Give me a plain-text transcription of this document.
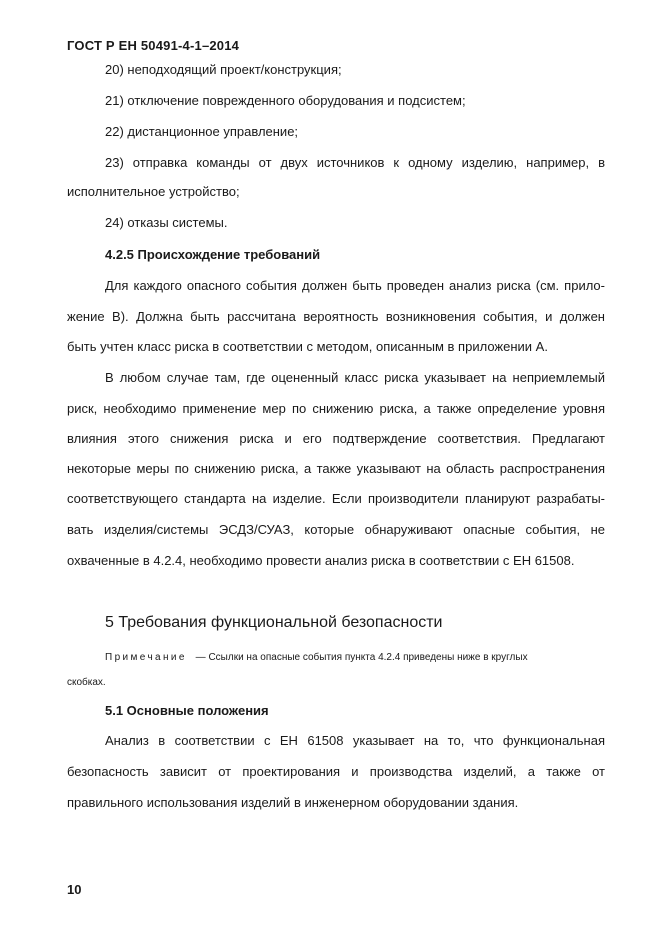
ГОСТ Р ЕН 50491-4-1–2014
20) неподходящий проект/конструкция;
21) отключение поврежденного оборудования и подсистем;
22) дистанционное управление;
23) отправка команды от двух источников к одному изделию, например, в
исполнительное устройство;
24) отказы системы.
4.2.5 Происхождение требований
Для каждого опасного события должен быть проведен анализ риска (см. прило-
жение В). Должна быть рассчитана вероятность возникновения события, и должен
быть учтен класс риска в соответствии с методом, описанным в приложении А.
В любом случае там, где оцененный класс риска указывает на неприемлемый
риск, необходимо применение мер по снижению риска, а также определение уровня
влияния этого снижения риска и его подтверждение соответствия. Предлагают
некоторые меры по снижению риска, а также указывают на область распространения
соответствующего стандарта на изделие. Если производители планируют разрабаты-
вать изделия/системы ЭСДЗ/СУАЗ, которые обнаруживают опасные события, не
охваченные в 4.2.4, необходимо провести анализ риска в соответствии с ЕН 61508.
5 Требования функциональной безопасности
Примечание — Ссылки на опасные события пункта 4.2.4 приведены ниже в круглых
скобках.
5.1 Основные положения
Анализ в соответствии с ЕН 61508 указывает на то, что функциональная
безопасность зависит от проектирования и производства изделий, а также от
правильного использования изделий в инженерном оборудовании здания.
10
